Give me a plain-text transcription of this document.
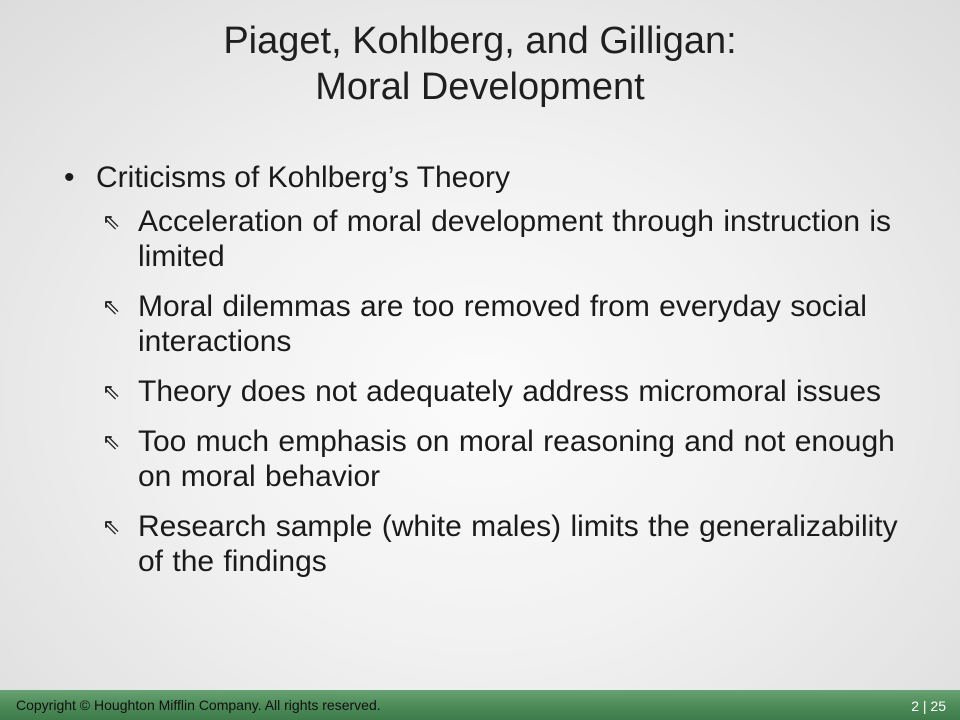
Piaget, Kohlberg, and Gilligan:
Moral Development
• Criticisms of Kohlberg’s Theory
⇖ Acceleration of moral development through instruction is limited
⇖ Moral dilemmas are too removed from everyday social interactions
⇖ Theory does not adequately address micromoral issues
⇖ Too much emphasis on moral reasoning and not enough on moral behavior
⇖ Research sample (white males) limits the generalizability of the findings
Copyright © Houghton Mifflin Company. All rights reserved.	2 | 25
